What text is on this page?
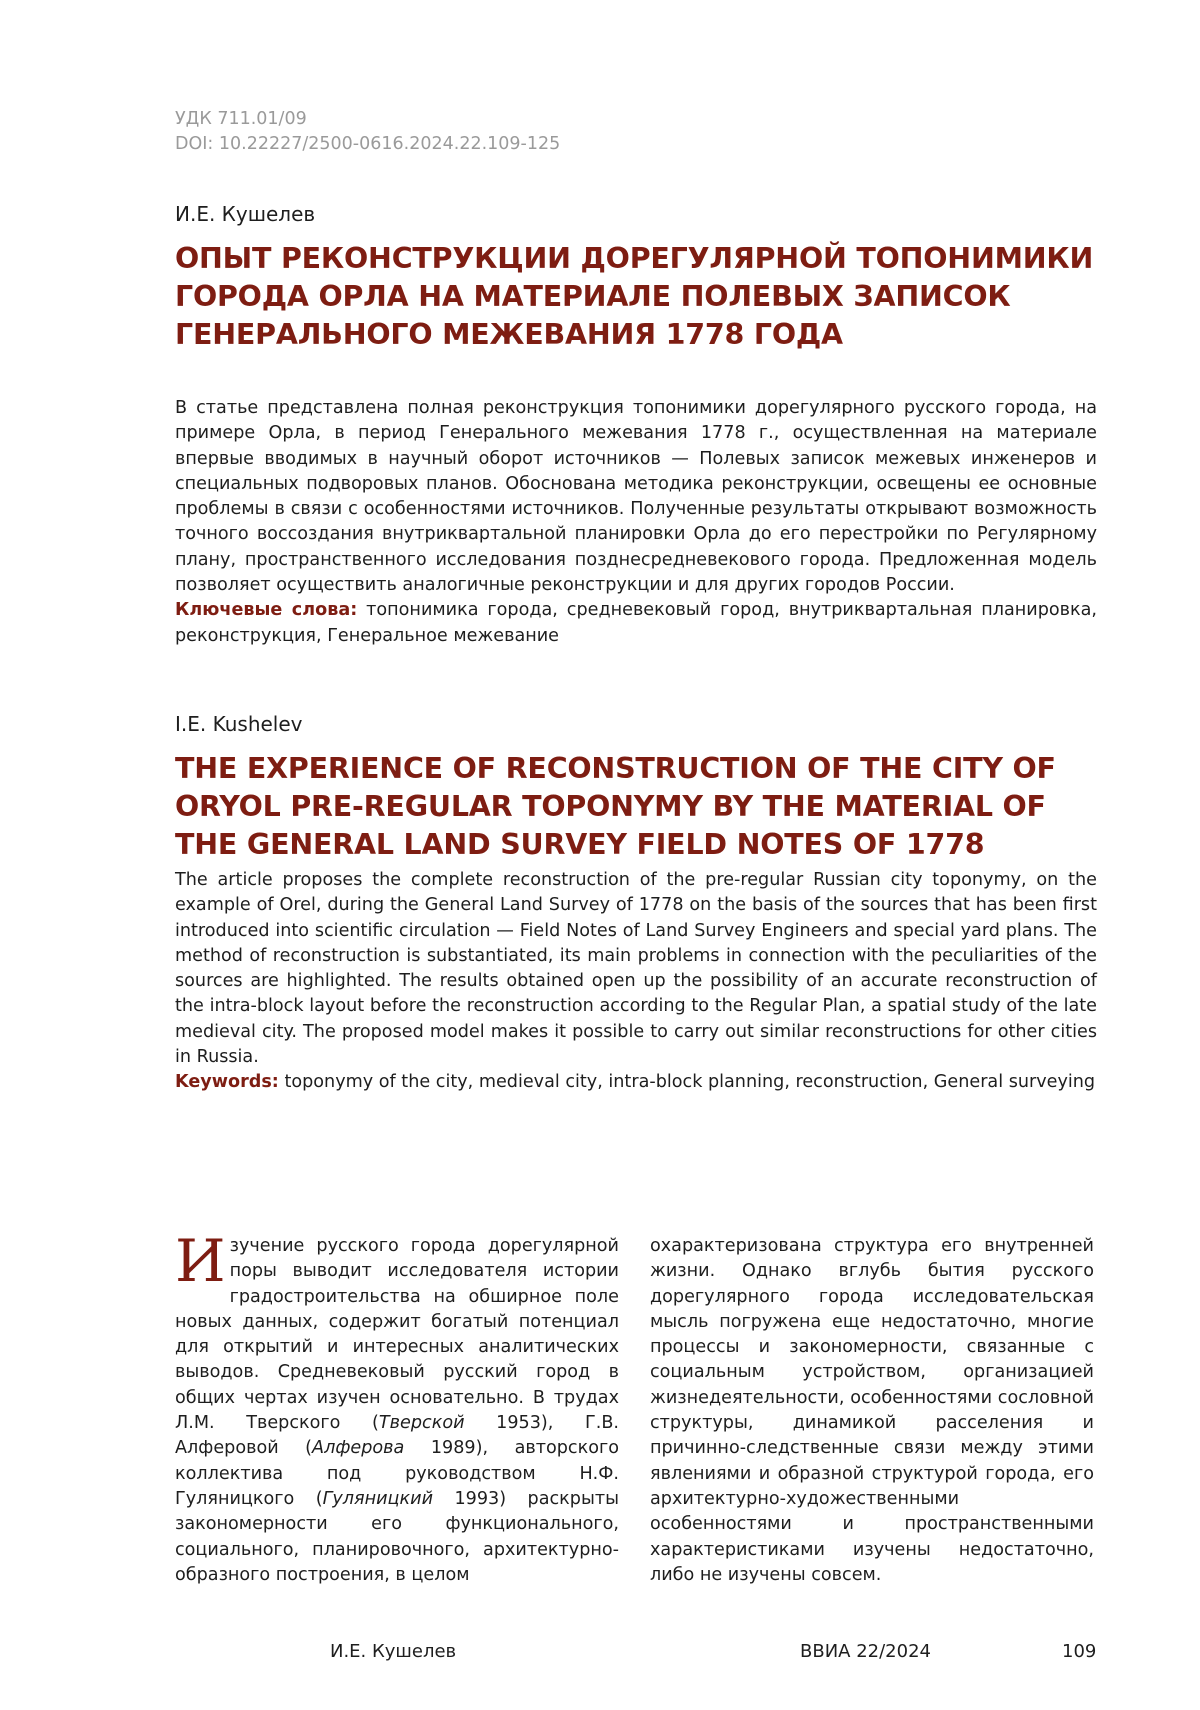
УДК 711.01/09
DOI: 10.22227/2500-0616.2024.22.109-125
И.Е. Кушелев
ОПЫТ РЕКОНСТРУКЦИИ ДОРЕГУЛЯРНОЙ ТОПОНИМИКИ ГОРОДА ОРЛА НА МАТЕРИАЛЕ ПОЛЕВЫХ ЗАПИСОК ГЕНЕРАЛЬНОГО МЕЖЕВАНИЯ 1778 ГОДА

В статье представлена полная реконструкция топонимики дорегулярного русского города, на примере Орла, в период Генерального межевания 1778 г., осуществленная на материале впервые вводимых в научный оборот источников — Полевых записок межевых инженеров и специальных подворовых планов. Обоснована методика реконструкции, освещены ее основные проблемы в связи с особенностями источников. Полученные результаты открывают возможность точного воссоздания внутриквартальной планировки Орла до его перестройки по Регулярному плану, пространственного исследования позднесредневекового города. Предложенная модель позволяет осуществить аналогичные реконструкции и для других городов России.
Ключевые слова: топонимика города, средневековый город, внутриквартальная планировка, реконструкция, Генеральное межевание

I.E. Kushelev
THE EXPERIENCE OF RECONSTRUCTION OF THE CITY OF ORYOL PRE-REGULAR TOPONYMY BY THE MATERIAL OF THE GENERAL LAND SURVEY FIELD NOTES OF 1778

The article proposes the complete reconstruction of the pre-regular Russian city toponymy, on the example of Orel, during the General Land Survey of 1778 on the basis of the sources that has been first introduced into scientific circulation — Field Notes of Land Survey Engineers and special yard plans. The method of reconstruction is substantiated, its main problems in connection with the peculiarities of the sources are highlighted. The results obtained open up the possibility of an accurate reconstruction of the intra-block layout before the reconstruction according to the Regular Plan, a spatial study of the late medieval city. The proposed model makes it possible to carry out similar reconstructions for other cities in Russia.
Keywords: toponymy of the city, medieval city, intra-block planning, reconstruction, General surveying

Изучение русского города дорегулярной поры выводит исследователя истории градостроительства на обширное поле новых данных, содержит богатый потенциал для открытий и интересных аналитических выводов. Средневековый русский город в общих чертах изучен основательно. В трудах Л.М. Тверского (Тверской 1953), Г.В. Алферовой (Алферова 1989), авторского коллектива под руководством Н.Ф. Гуляницкого (Гуляницкий 1993) раскрыты закономерности его функционального, социального, планировочного, архитектурно-образного построения, в целом

охарактеризована структура его внутренней жизни. Однако вглубь бытия русского дорегулярного города исследовательская мысль погружена еще недостаточно, многие процессы и закономерности, связанные с социальным устройством, организацией жизнедеятельности, особенностями сословной структуры, динамикой расселения и причинно-следственные связи между этими явлениями и образной структурой города, его архитектурно-художественными особенностями и пространственными характеристиками изучены недостаточно, либо не изучены совсем.

И.Е. Кушелев	ВВИА 22/2024	109
